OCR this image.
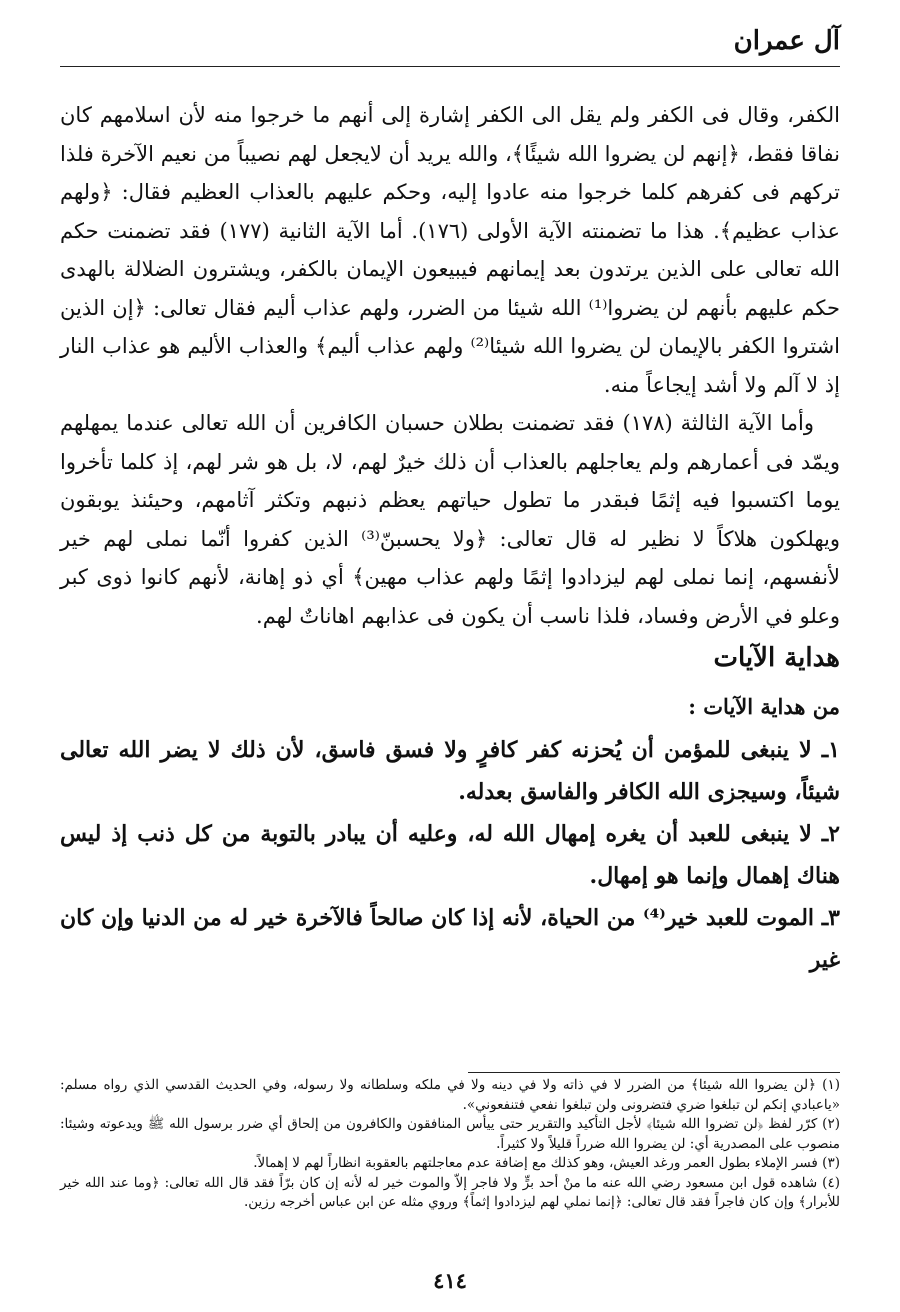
آل عمران

الكفر، وقال فى الكفر ولم يقل الى الكفر إشارة إلى أنهم ما خرجوا منه لأن اسلامهم كان نفاقا فقط، ﴿إنهم لن يضروا الله شيئًا﴾، والله يريد أن لايجعل لهم نصيباً من نعيم الآخرة فلذا تركهم فى كفرهم كلما خرجوا منه عادوا إليه، وحكم عليهم بالعذاب العظيم فقال: ﴿ولهم عذاب عظيم﴾. هذا ما تضمنته الآية الأولى (١٧٦). أما الآية الثانية (١٧٧) فقد تضمنت حكم الله تعالى على الذين يرتدون بعد إيمانهم فيبيعون الإيمان بالكفر، ويشترون الضلالة بالهدى حكم عليهم بأنهم لن يضروا⁽¹⁾ الله شيئا من الضرر، ولهم عذاب أليم فقال تعالى: ﴿إن الذين اشتروا الكفر بالإيمان لن يضروا الله شيئا⁽²⁾ ولهم عذاب أليم﴾ والعذاب الأليم هو عذاب النار إذ لا آلم ولا أشد إيجاعاً منه.

وأما الآية الثالثة (١٧٨) فقد تضمنت بطلان حسبان الكافرين أن الله تعالى عندما يمهلهم ويمّد فى أعمارهم ولم يعاجلهم بالعذاب أن ذلك خيرٌ لهم، لا، بل هو شر لهم، إذ كلما تأخروا يوما اكتسبوا فيه إثمًا فبقدر ما تطول حياتهم يعظم ذنبهم وتكثر آثامهم، وحيئنذ يوبقون ويهلكون هلاكاً لا نظير له قال تعالى: ﴿ولا يحسبنّ⁽³⁾ الذين كفروا أنّما نملى لهم خير لأنفسهم، إنما نملى لهم ليزدادوا إثمًا ولهم عذاب مهين﴾ أي ذو إهانة، لأنهم كانوا ذوى كبر وعلو في الأرض وفساد، فلذا ناسب أن يكون فى عذابهم اهاناتٌ لهم.

هداية الآيات

من هداية الآيات :

١ـ لا ينبغى للمؤمن أن يُحزنه كفر كافرٍ ولا فسق فاسق، لأن ذلك لا يضر الله تعالى شيئاً، وسيجزى الله الكافر والفاسق بعدله.

٢ـ لا ينبغى للعبد أن يغره إمهال الله له، وعليه أن يبادر بالتوبة من كل ذنب إذ ليس هناك إهمال وإنما هو إمهال.

٣ـ الموت للعبد خير⁽⁴⁾ من الحياة، لأنه إذا كان صالحاً فالآخرة خير له من الدنيا وإن كان غير

(١) ﴿لن يضروا الله شيئا﴾ من الضرر لا في ذاته ولا في دينه ولا في ملكه وسلطانه ولا رسوله، وفي الحديث القدسي الذي رواه مسلم: «ياعبادي إنكم لن تبلغوا ضري فتضرونى ولن تبلغوا نفعي فتنفعوني».

(٢) كرّر لفظ ﴿لن تضروا الله شيئا﴾ لأجل التأكيد والتقرير حتى ييأس المنافقون والكافرون من إلحاق أي ضرر برسول الله ﷺ ويدعوته وشيئا: منصوب على المصدرية أي: لن يضروا الله ضرراً قليلاً ولا كثيراً.

(٣) فسر الإملاء بطول العمر ورغد العيش، وهو كذلك مع إضافة عدم معاجلتهم بالعقوبة انظاراً لهم لا إهمالاً.

(٤) شاهده قول ابن مسعود رضي الله عنه ما منْ أحد برٍّ ولا فاجر إلاّ والموت خير له لأنه إن كان برّاً فقد قال الله تعالى: ﴿وما عند الله خير للأبرار﴾ وإن كان فاجراً فقد قال تعالى: ﴿إنما نملي لهم ليزدادوا إثماً﴾ وروي مثله عن ابن عباس أخرجه رزين.

٤١٤
